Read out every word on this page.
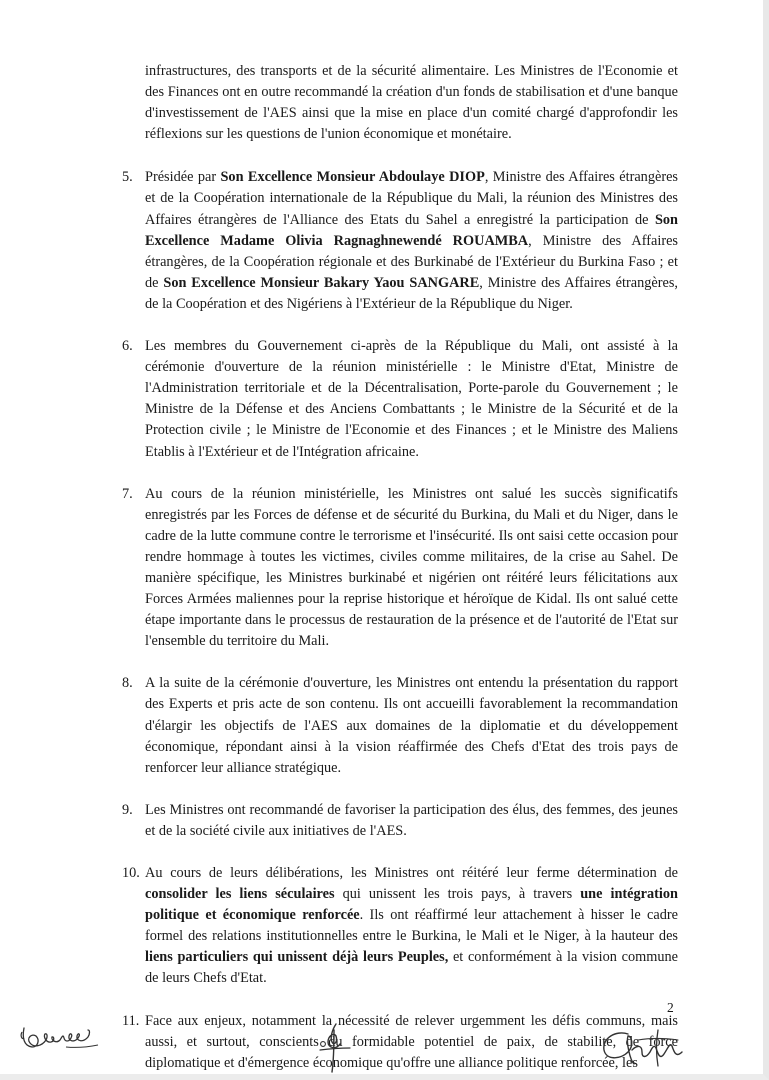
infrastructures, des transports et de la sécurité alimentaire. Les Ministres de l'Economie et des Finances ont en outre recommandé la création d'un fonds de stabilisation et d'une banque d'investissement de l'AES ainsi que la mise en place d'un comité chargé d'approfondir les réflexions sur les questions de l'union économique et monétaire.

5. Présidée par Son Excellence Monsieur Abdoulaye DIOP, Ministre des Affaires étrangères et de la Coopération internationale de la République du Mali, la réunion des Ministres des Affaires étrangères de l'Alliance des Etats du Sahel a enregistré la participation de Son Excellence Madame Olivia Ragnaghnewendé ROUAMBA, Ministre des Affaires étrangères, de la Coopération régionale et des Burkinabé de l'Extérieur du Burkina Faso ; et de Son Excellence Monsieur Bakary Yaou SANGARE, Ministre des Affaires étrangères, de la Coopération et des Nigériens à l'Extérieur de la République du Niger.
6. Les membres du Gouvernement ci-après de la République du Mali, ont assisté à la cérémonie d'ouverture de la réunion ministérielle : le Ministre d'Etat, Ministre de l'Administration territoriale et de la Décentralisation, Porte-parole du Gouvernement ; le Ministre de la Défense et des Anciens Combattants ; le Ministre de la Sécurité et de la Protection civile ; le Ministre de l'Economie et des Finances ; et le Ministre des Maliens Etablis à l'Extérieur et de l'Intégration africaine.
7. Au cours de la réunion ministérielle, les Ministres ont salué les succès significatifs enregistrés par les Forces de défense et de sécurité du Burkina, du Mali et du Niger, dans le cadre de la lutte commune contre le terrorisme et l'insécurité. Ils ont saisi cette occasion pour rendre hommage à toutes les victimes, civiles comme militaires, de la crise au Sahel. De manière spécifique, les Ministres burkinabé et nigérien ont réitéré leurs félicitations aux Forces Armées maliennes pour la reprise historique et héroïque de Kidal. Ils ont salué cette étape importante dans le processus de restauration de la présence et de l'autorité de l'Etat sur l'ensemble du territoire du Mali.
8. A la suite de la cérémonie d'ouverture, les Ministres ont entendu la présentation du rapport des Experts et pris acte de son contenu. Ils ont accueilli favorablement la recommandation d'élargir les objectifs de l'AES aux domaines de la diplomatie et du développement économique, répondant ainsi à la vision réaffirmée des Chefs d'Etat des trois pays de renforcer leur alliance stratégique.
9. Les Ministres ont recommandé de favoriser la participation des élus, des femmes, des jeunes et de la société civile aux initiatives de l'AES.
10. Au cours de leurs délibérations, les Ministres ont réitéré leur ferme détermination de consolider les liens séculaires qui unissent les trois pays, à travers une intégration politique et économique renforcée. Ils ont réaffirmé leur attachement à hisser le cadre formel des relations institutionnelles entre le Burkina, le Mali et le Niger, à la hauteur des liens particuliers qui unissent déjà leurs Peuples, et conformément à la vision commune de leurs Chefs d'Etat.
11. Face aux enjeux, notamment la nécessité de relever urgemment les défis communs, mais aussi, et surtout, conscients du formidable potentiel de paix, de stabilité, de force diplomatique et d'émergence économique qu'offre une alliance politique renforcée, les
2
